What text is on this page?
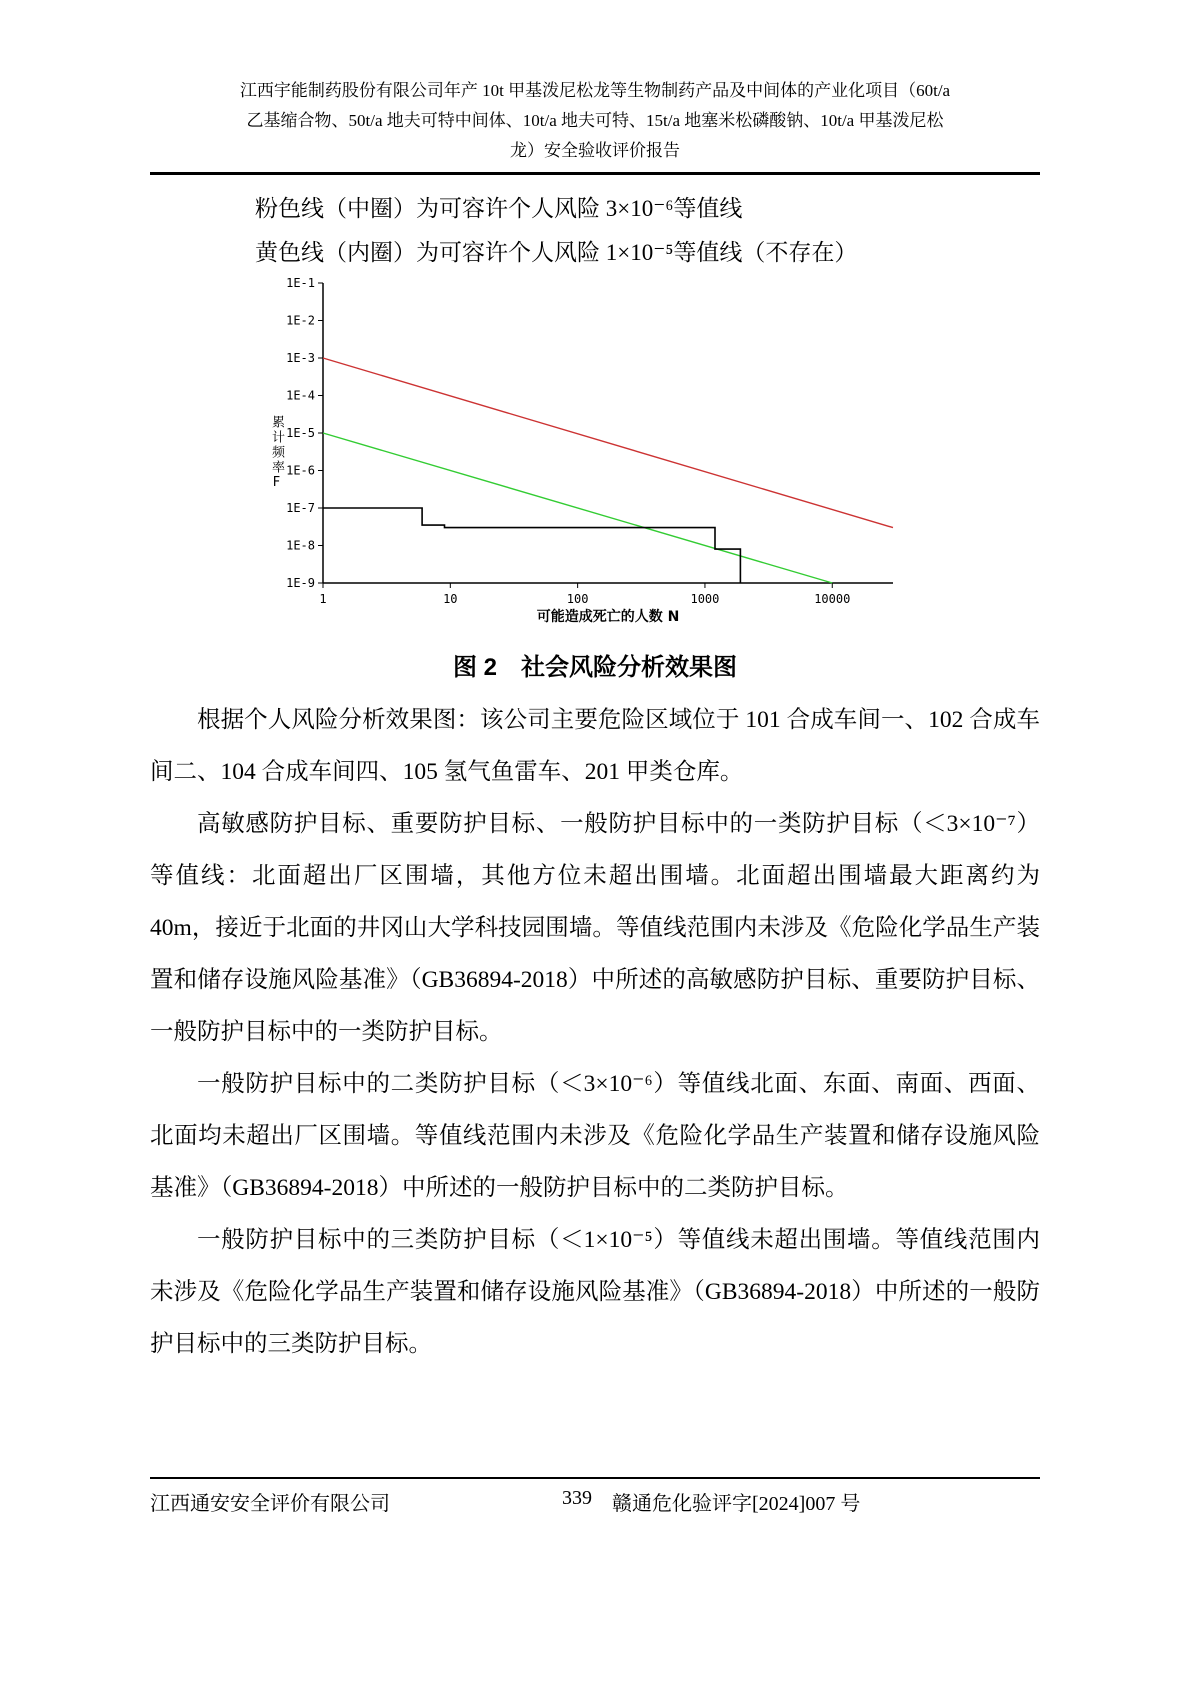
江西宇能制药股份有限公司年产 10t 甲基泼尼松龙等生物制药产品及中间体的产业化项目（60t/a
乙基缩合物、50t/a 地夫可特中间体、10t/a 地夫可特、15t/a 地塞米松磷酸钠、10t/a 甲基泼尼松
龙）安全验收评价报告

粉色线（中圈）为可容许个人风险 3×10⁻⁶等值线

黄色线（内圈）为可容许个人风险 1×10⁻⁵等值线（不存在）

累计频率F
1E-1
1E-2
1E-3
1E-4
1E-5
1E-6
1E-7
1E-8
1E-9
1	10	100	1000	10000
可能造成死亡的人数 N
图 2　社会风险分析效果图

根据个人风险分析效果图：该公司主要危险区域位于 101 合成车间一、102 合成车间二、104 合成车间四、105 氢气鱼雷车、201 甲类仓库。

高敏感防护目标、重要防护目标、一般防护目标中的一类防护目标（＜3×10⁻⁷）等值线：北面超出厂区围墙，其他方位未超出围墙。北面超出围墙最大距离约为 40m，接近于北面的井冈山大学科技园围墙。等值线范围内未涉及《危险化学品生产装置和储存设施风险基准》（GB36894-2018）中所述的高敏感防护目标、重要防护目标、一般防护目标中的一类防护目标。

一般防护目标中的二类防护目标（＜3×10⁻⁶）等值线北面、东面、南面、西面、北面均未超出厂区围墙。等值线范围内未涉及《危险化学品生产装置和储存设施风险基准》（GB36894-2018）中所述的一般防护目标中的二类防护目标。

一般防护目标中的三类防护目标（＜1×10⁻⁵）等值线未超出围墙。等值线范围内未涉及《危险化学品生产装置和储存设施风险基准》（GB36894-2018）中所述的一般防护目标中的三类防护目标。

江西通安安全评价有限公司	339 赣通危化验评字[2024]007 号
